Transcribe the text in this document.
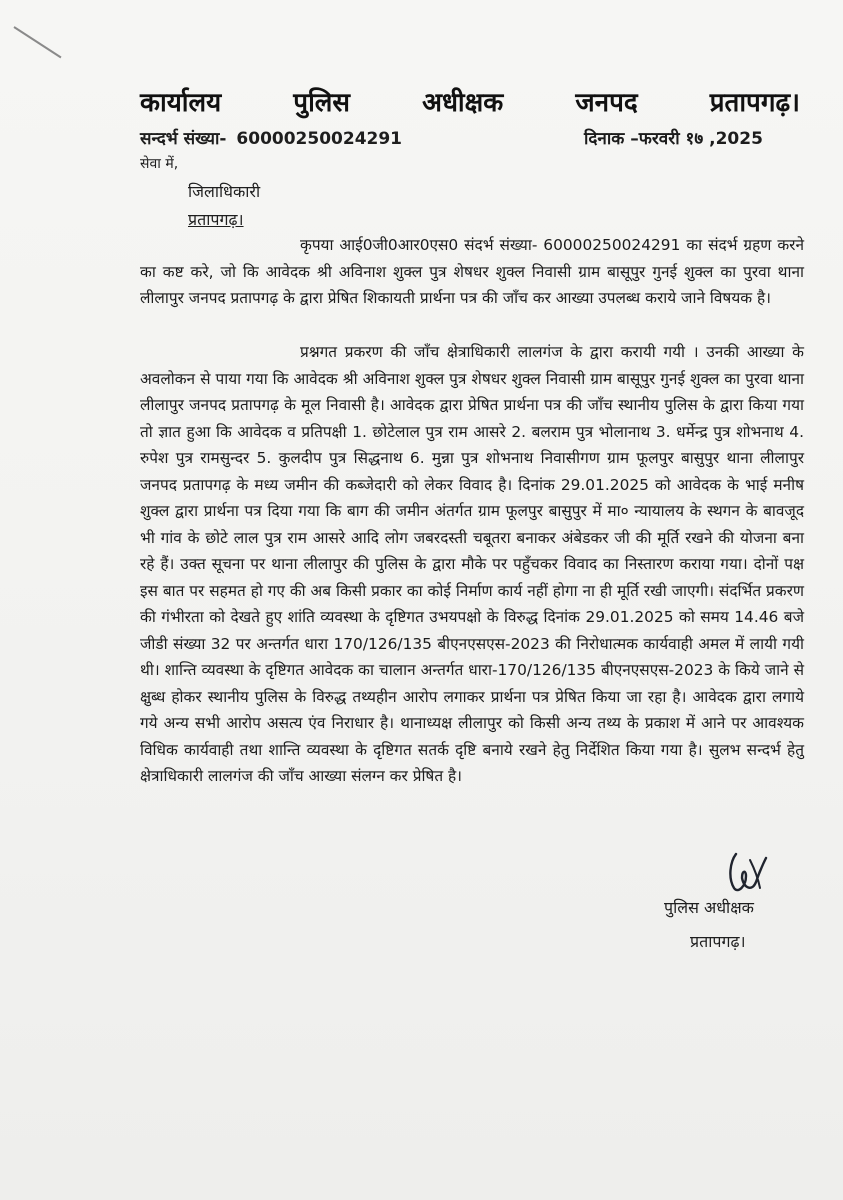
कार्यालय	पुलिस	अधीक्षक	जनपद	प्रतापगढ़।
सन्दर्भ संख्या- 60000250024291	दिनाक –फरवरी १७ ,2025
सेवा में,
जिलाधिकारी
प्रतापगढ़।
कृपया आई0जी0आर0एस0 संदर्भ संख्या- 60000250024291 का संदर्भ ग्रहण करने का कष्ट करे, जो कि आवेदक श्री अविनाश शुक्ल पुत्र शेषधर शुक्ल निवासी ग्राम बासूपुर गुनई शुक्ल का पुरवा थाना लीलापुर जनपद प्रतापगढ़ के द्वारा प्रेषित शिकायती प्रार्थना पत्र की जाँच कर आख्या उपलब्ध कराये जाने विषयक है।
प्रश्नगत प्रकरण की जाँच क्षेत्राधिकारी लालगंज के द्वारा करायी गयी । उनकी आख्या के अवलोकन से पाया गया कि आवेदक श्री अविनाश शुक्ल पुत्र शेषधर शुक्ल निवासी ग्राम बासूपुर गुनई शुक्ल का पुरवा थाना लीलापुर जनपद प्रतापगढ़ के मूल निवासी है। आवेदक द्वारा प्रेषित प्रार्थना पत्र की जाँच स्थानीय पुलिस के द्वारा किया गया तो ज्ञात हुआ कि आवेदक व प्रतिपक्षी 1. छोटेलाल पुत्र राम आसरे 2. बलराम पुत्र भोलानाथ 3. धर्मेन्द्र पुत्र शोभनाथ 4. रुपेश पुत्र रामसुन्दर 5. कुलदीप पुत्र सिद्धनाथ 6. मुन्ना पुत्र शोभनाथ निवासीगण ग्राम फूलपुर बासुपुर थाना लीलापुर जनपद प्रतापगढ़ के मध्य जमीन की कब्जेदारी को लेकर विवाद है। दिनांक 29.01.2025 को आवेदक के भाई मनीष शुक्ल द्वारा प्रार्थना पत्र दिया गया कि बाग की जमीन अंतर्गत ग्राम फूलपुर बासुपुर में मा० न्यायालय के स्थगन के बावजूद भी गांव के छोटे लाल पुत्र राम आसरे आदि लोग जबरदस्ती चबूतरा बनाकर अंबेडकर जी की मूर्ति रखने की योजना बना रहे हैं। उक्त सूचना पर थाना लीलापुर की पुलिस के द्वारा मौके पर पहुँचकर विवाद का निस्तारण कराया गया। दोनों पक्ष इस बात पर सहमत हो गए की अब किसी प्रकार का कोई निर्माण कार्य नहीं होगा ना ही मूर्ति रखी जाएगी। संदर्भित प्रकरण की गंभीरता को देखते हुए शांति व्यवस्था के दृष्टिगत उभयपक्षो के विरुद्ध दिनांक 29.01.2025 को समय 14.46 बजे जीडी संख्या 32 पर अन्तर्गत धारा 170/126/135 बीएनएसएस-2023 की निरोधात्मक कार्यवाही अमल में लायी गयी थी। शान्ति व्यवस्था के दृष्टिगत आवेदक का चालान अन्तर्गत धारा-170/126/135 बीएनएसएस-2023 के किये जाने से क्षुब्ध होकर स्थानीय पुलिस के विरुद्ध तथ्यहीन आरोप लगाकर प्रार्थना पत्र प्रेषित किया जा रहा है। आवेदक द्वारा लगाये गये अन्य सभी आरोप असत्य एंव निराधार है। थानाध्यक्ष लीलापुर को किसी अन्य तथ्य के प्रकाश में आने पर आवश्यक विधिक कार्यवाही तथा शान्ति व्यवस्था के दृष्टिगत सतर्क दृष्टि बनाये रखने हेतु निर्देशित किया गया है। सुलभ सन्दर्भ हेतु क्षेत्राधिकारी लालगंज की जाँच आख्या संलग्न कर प्रेषित है।
पुलिस अधीक्षक
प्रतापगढ़।
